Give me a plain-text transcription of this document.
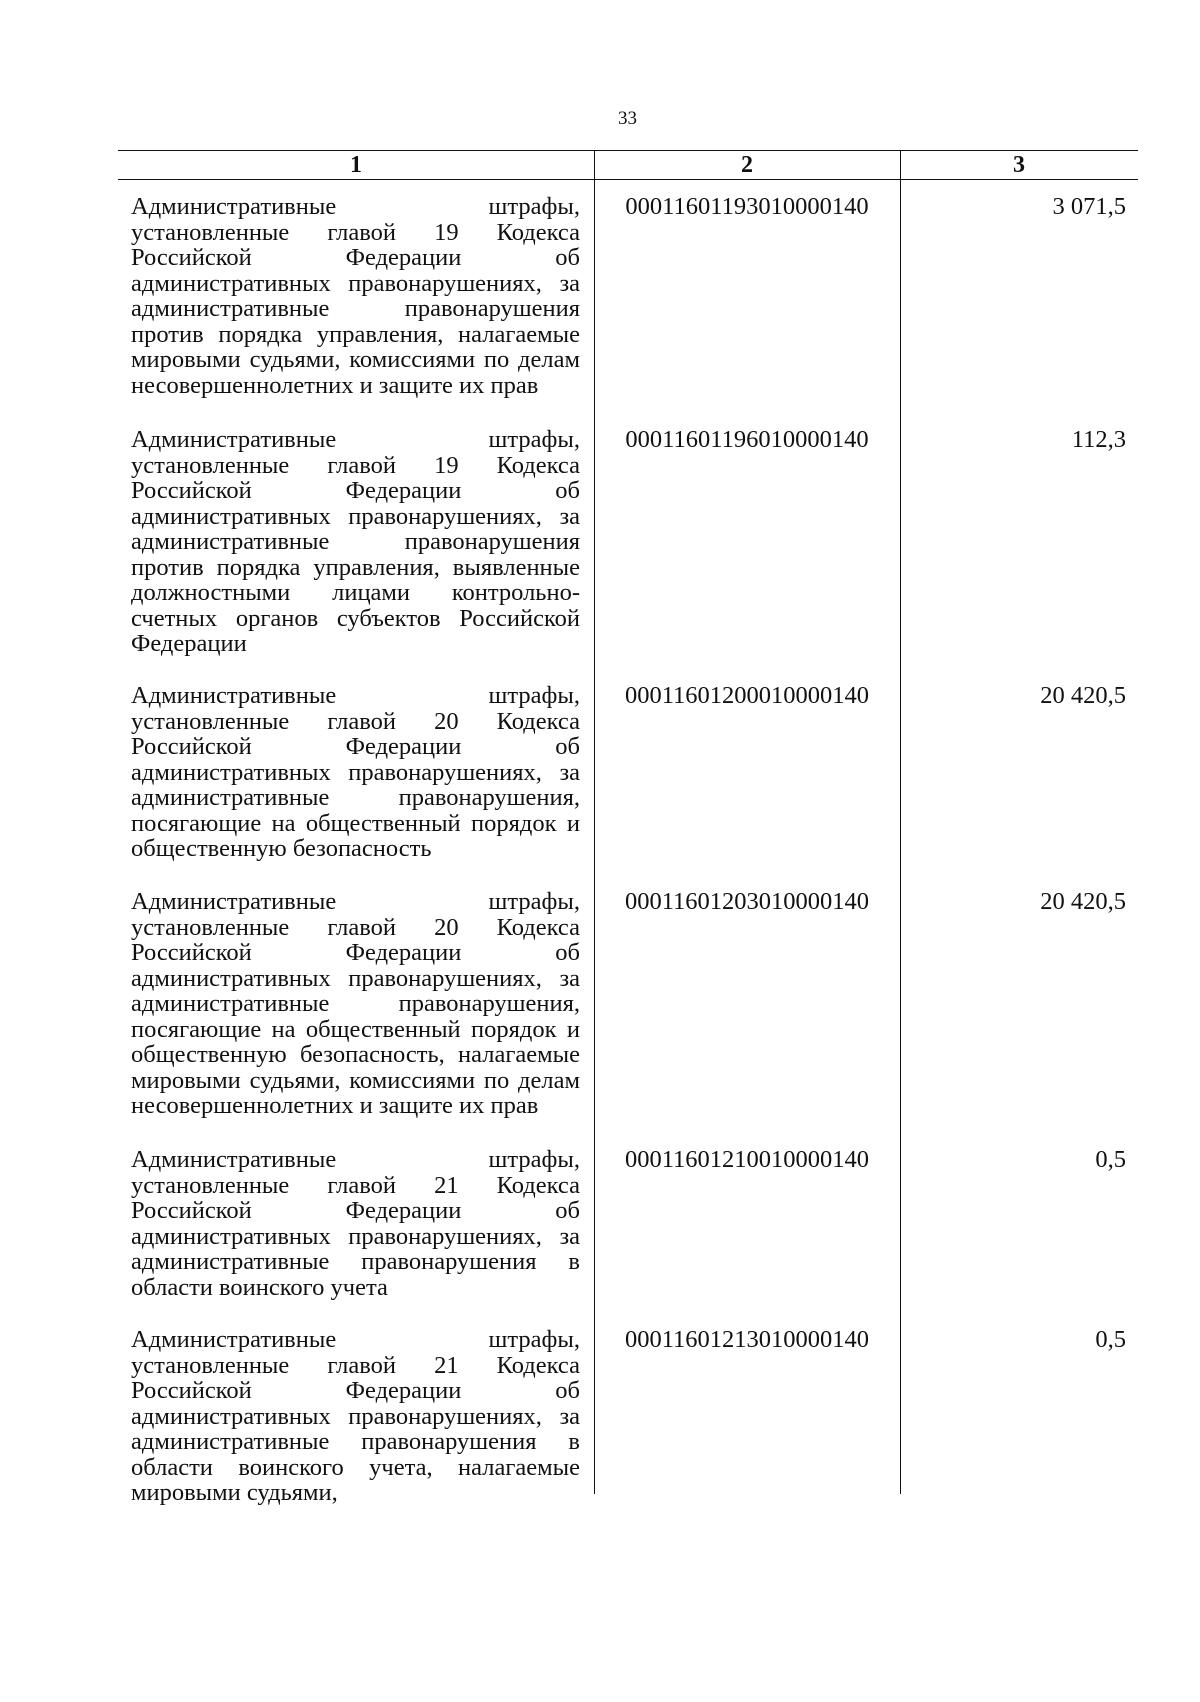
33
1	2	3
Административные штрафы, установленные главой 19 Кодекса Российской Федерации об административных правонарушениях, за административные правонарушения против порядка управления, налагаемые мировыми судьями, комиссиями по делам несовершеннолетних и защите их прав
00011601193010000140	3 071,5
Административные штрафы, установленные главой 19 Кодекса Российской Федерации об административных правонарушениях, за административные правонарушения против порядка управления, выявленные должностными лицами контрольно-счетных органов субъектов Российской Федерации
00011601196010000140	112,3
Административные штрафы, установленные главой 20 Кодекса Российской Федерации об административных правонарушениях, за административные правонарушения, посягающие на общественный порядок и общественную безопасность
00011601200010000140	20 420,5
Административные штрафы, установленные главой 20 Кодекса Российской Федерации об административных правонарушениях, за административные правонарушения, посягающие на общественный порядок и общественную безопасность, налагаемые мировыми судьями, комиссиями по делам несовершеннолетних и защите их прав
00011601203010000140	20 420,5
Административные штрафы, установленные главой 21 Кодекса Российской Федерации об административных правонарушениях, за административные правонарушения в области воинского учета
00011601210010000140	0,5
Административные штрафы, установленные главой 21 Кодекса Российской Федерации об административных правонарушениях, за административные правонарушения в области воинского учета, налагаемые мировыми судьями,
00011601213010000140	0,5
